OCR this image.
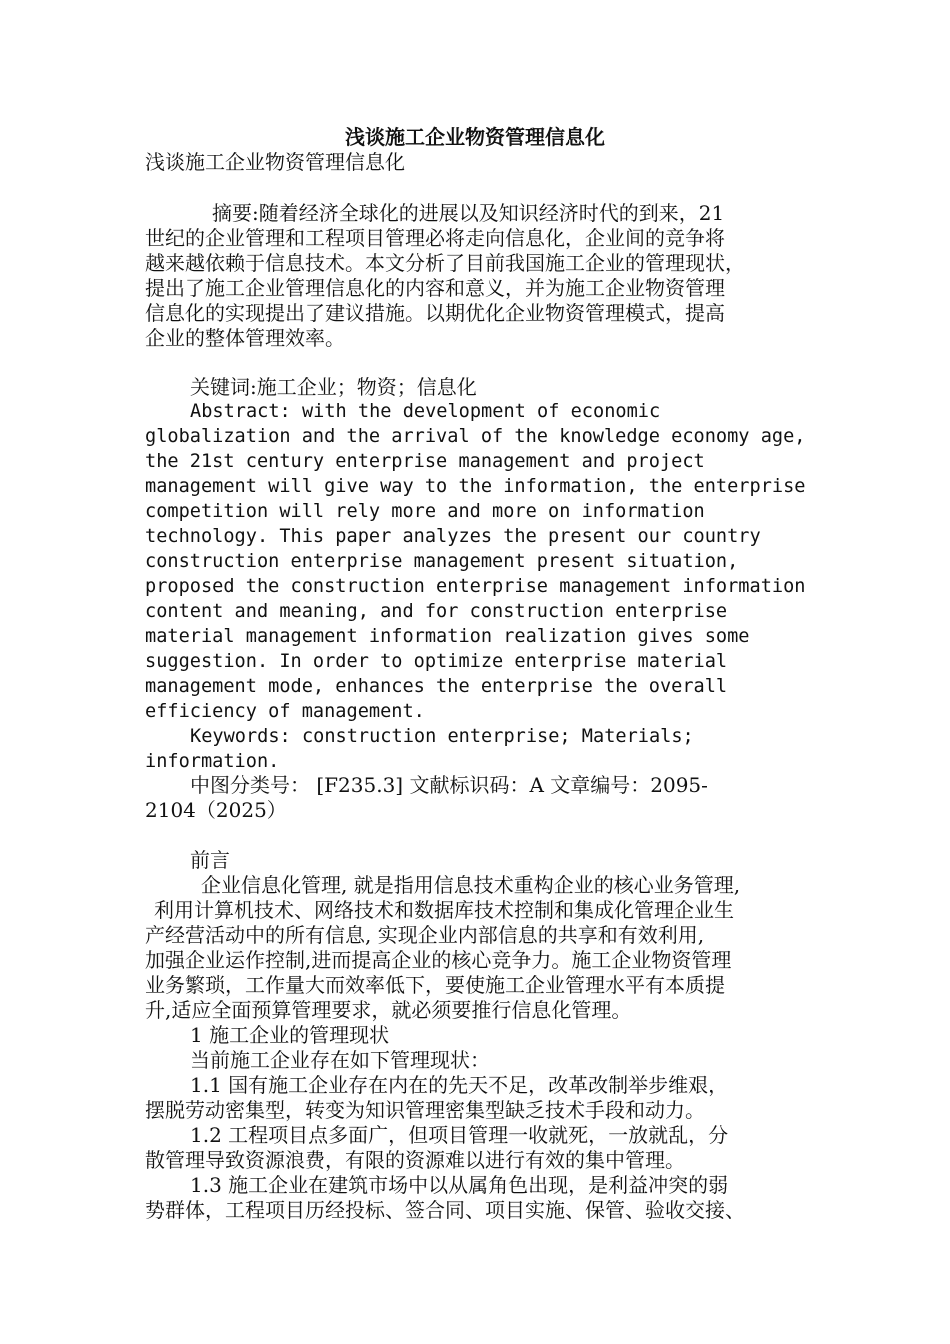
浅谈施工企业物资管理信息化
浅谈施工企业物资管理信息化
摘要:随着经济全球化的进展以及知识经济时代的到来，21
世纪的企业管理和工程项目管理必将走向信息化，企业间的竞争将
越来越依赖于信息技术。本文分析了目前我国施工企业的管理现状，
提出了施工企业管理信息化的内容和意义，并为施工企业物资管理
信息化的实现提出了建议措施。以期优化企业物资管理模式，提高
企业的整体管理效率。
关键词:施工企业；物资；信息化
Abstract: with the development of economic
globalization and the arrival of the knowledge economy age,
the 21st century enterprise management and project
management will give way to the information, the enterprise
competition will rely more and more on information
technology. This paper analyzes the present our country
construction enterprise management present situation,
proposed the construction enterprise management information
content and meaning, and for construction enterprise
material management information realization gives some
suggestion. In order to optimize enterprise material
management mode, enhances the enterprise the overall
efficiency of management.
Keywords: construction enterprise; Materials;
information.
中图分类号： [F235.3] 文献标识码：A 文章编号：2095-
2104（2025）
前言
企业信息化管理, 就是指用信息技术重构企业的核心业务管理,
利用计算机技术、网络技术和数据库技术控制和集成化管理企业生
产经营活动中的所有信息, 实现企业内部信息的共享和有效利用,
加强企业运作控制,进而提高企业的核心竞争力。施工企业物资管理
业务繁琐，工作量大而效率低下，要使施工企业管理水平有本质提
升,适应全面预算管理要求，就必须要推行信息化管理。
1 施工企业的管理现状
当前施工企业存在如下管理现状：
1.1 国有施工企业存在内在的先天不足，改革改制举步维艰，
摆脱劳动密集型，转变为知识管理密集型缺乏技术手段和动力。
1.2 工程项目点多面广，但项目管理一收就死，一放就乱，分
散管理导致资源浪费，有限的资源难以进行有效的集中管理。
1.3 施工企业在建筑市场中以从属角色出现，是利益冲突的弱
势群体，工程项目历经投标、签合同、项目实施、保管、验收交接、
